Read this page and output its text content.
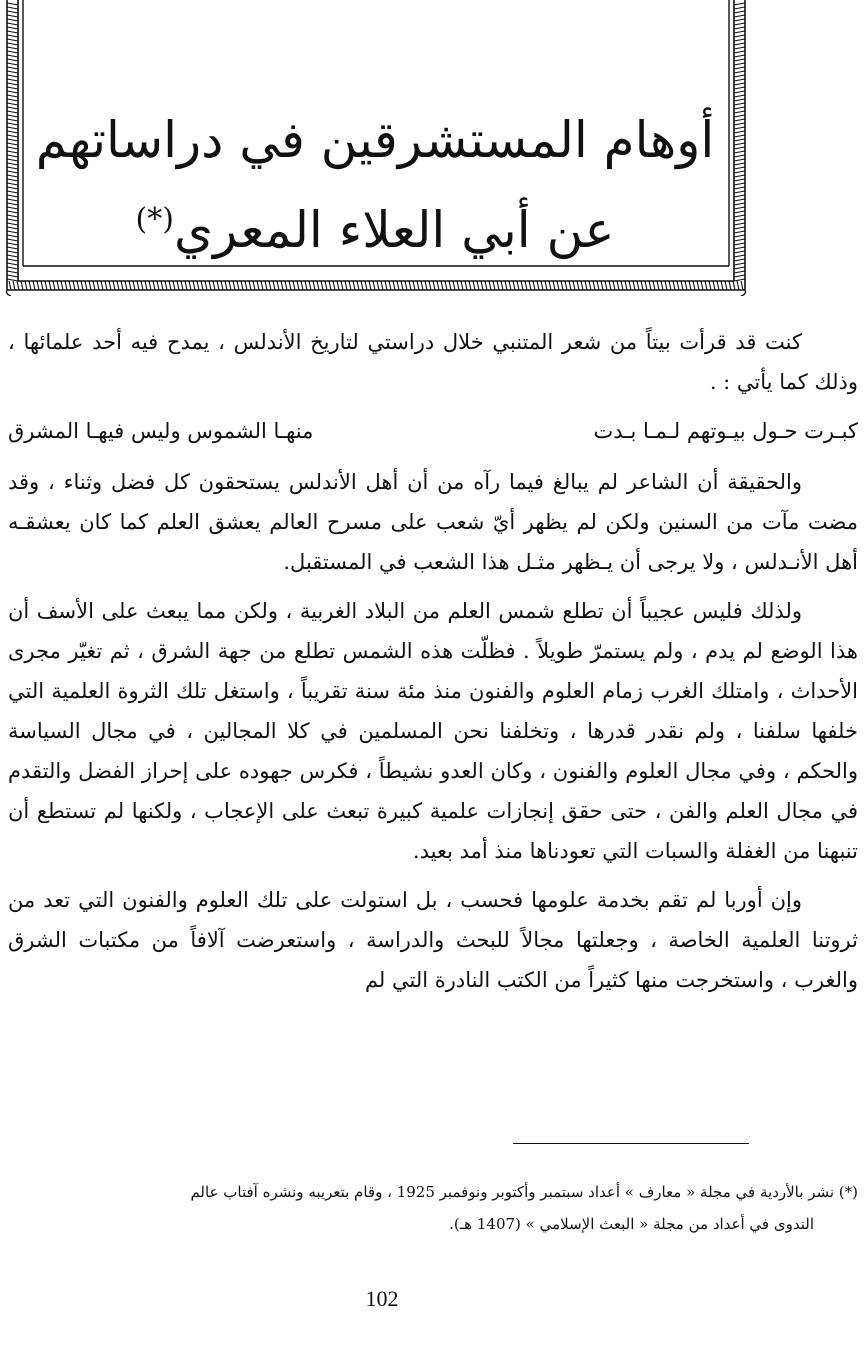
أوهام المستشرقين في دراساتهم
عن أبي العلاء المعري(*)

كنت قد قرأت بيتاً من شعر المتنبي خلال دراستي لتاريخ الأندلس ، يمدح فيه أحد علمائها ، وذلك كما يأتي : .

كبـرت حـول بيـوتهم لـمـا بـدت
منهـا الشموس وليس فيهـا المشرق

والحقيقة أن الشاعر لم يبالغ فيما رآه من أن أهل الأندلس يستحقون كل فضل وثناء ، وقد مضت مآت من السنين ولكن لم يظهر أيّ شعب على مسرح العالم يعشق العلم كما كان يعشقـه أهل الأنـدلس ، ولا يرجى أن يـظهر مثـل هذا الشعب في المستقبل.

ولذلك فليس عجيباً أن تطلع شمس العلم من البلاد الغربية ، ولكن مما يبعث على الأسف أن هذا الوضع لم يدم ، ولم يستمرّ طويلاً . فظلّت هذه الشمس تطلع من جهة الشرق ، ثم تغيّر مجرى الأحداث ، وامتلك الغرب زمام العلوم والفنون منذ مئة سنة تقريباً ، واستغل تلك الثروة العلمية التي خلفها سلفنا ، ولم نقدر قدرها ، وتخلفنا نحن المسلمين في كلا المجالين ، في مجال السياسة والحكم ، وفي مجال العلوم والفنون ، وكان العدو نشيطاً ، فكرس جهوده على إحراز الفضل والتقدم في مجال العلم والفن ، حتى حقق إنجازات علمية كبيرة تبعث على الإعجاب ، ولكنها لم تستطع أن تنبهنا من الغفلة والسبات التي تعودناها منذ أمد بعيد.

وإن أوربا لم تقم بخدمة علومها فحسب ، بل استولت على تلك العلوم والفنون التي تعد من ثروتنا العلمية الخاصة ، وجعلتها مجالاً للبحث والدراسة ، واستعرضت آلافاً من مكتبات الشرق والغرب ، واستخرجت منها كثيراً من الكتب النادرة التي لم

(*) نشر بالأردية في مجلة « معارف » أعداد سبتمبر وأكتوبر ونوفمبر 1925 ، وقام بتعريبه ونشره آفتاب عالم
الندوى في أعداد من مجلة « البعث الإسلامي » (1407 هـ).
102
